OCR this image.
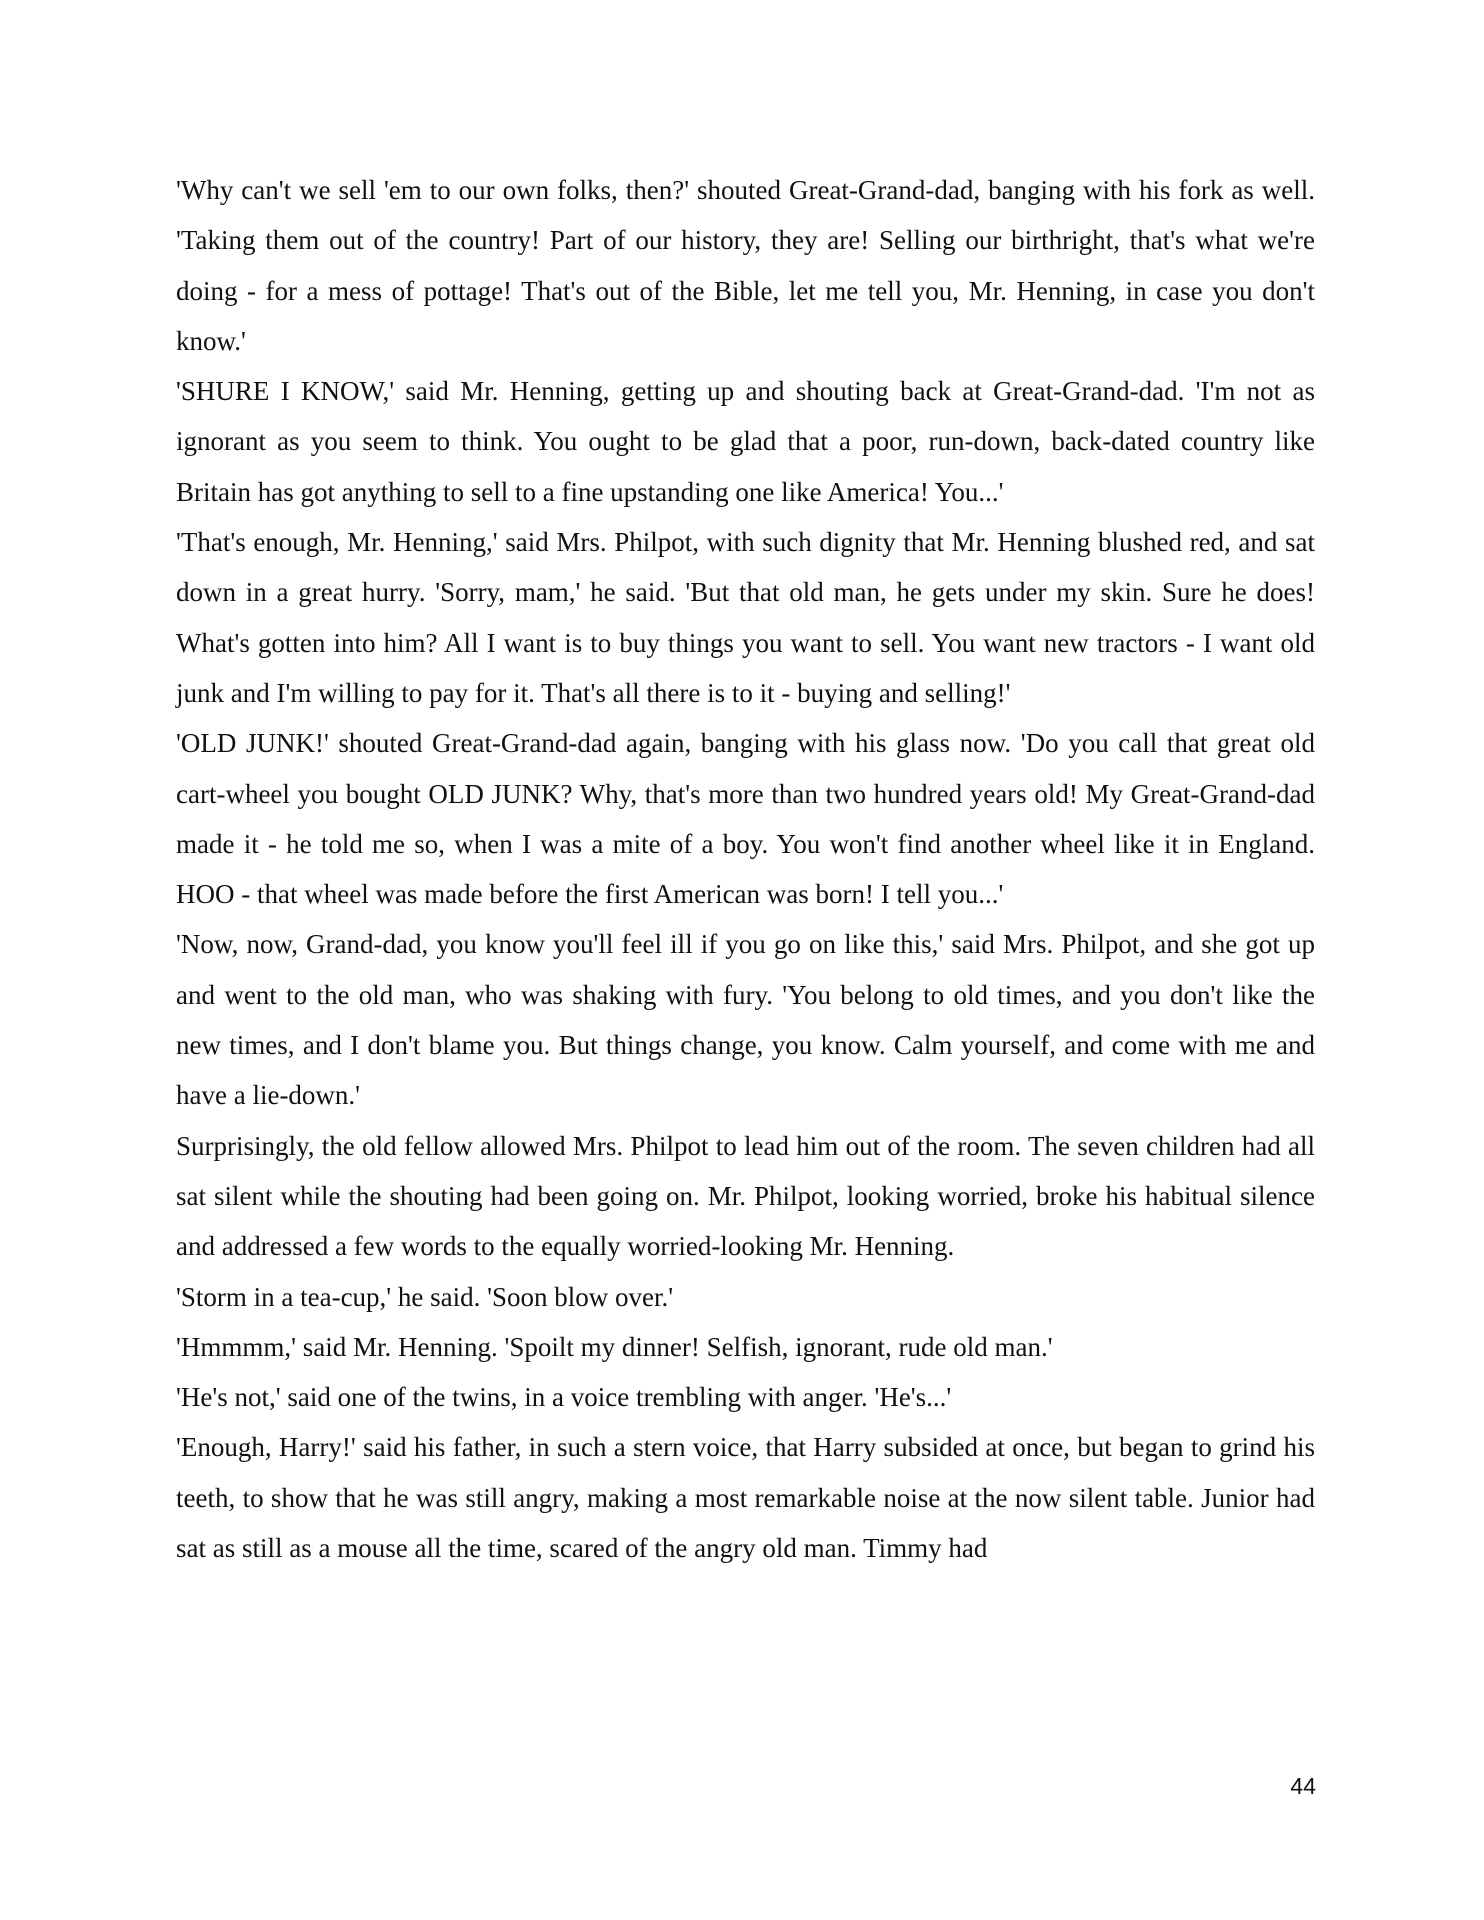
'Why can't we sell 'em to our own folks, then?' shouted Great-Grand-dad, banging with his fork as well. 'Taking them out of the country! Part of our history, they are! Selling our birthright, that's what we're doing - for a mess of pottage! That's out of the Bible, let me tell you, Mr. Henning, in case you don't know.'

'SHURE I KNOW,' said Mr. Henning, getting up and shouting back at Great-Grand-dad. 'I'm not as ignorant as you seem to think. You ought to be glad that a poor, run-down, back-dated country like Britain has got anything to sell to a fine upstanding one like America! You...'

'That's enough, Mr. Henning,' said Mrs. Philpot, with such dignity that Mr. Henning blushed red, and sat down in a great hurry. 'Sorry, mam,' he said. 'But that old man, he gets under my skin. Sure he does! What's gotten into him? All I want is to buy things you want to sell. You want new tractors - I want old junk and I'm willing to pay for it. That's all there is to it - buying and selling!'

'OLD JUNK!' shouted Great-Grand-dad again, banging with his glass now. 'Do you call that great old cart-wheel you bought OLD JUNK? Why, that's more than two hundred years old! My Great-Grand-dad made it - he told me so, when I was a mite of a boy. You won't find another wheel like it in England. HOO - that wheel was made before the first American was born! I tell you...'

'Now, now, Grand-dad, you know you'll feel ill if you go on like this,' said Mrs. Philpot, and she got up and went to the old man, who was shaking with fury. 'You belong to old times, and you don't like the new times, and I don't blame you. But things change, you know. Calm yourself, and come with me and have a lie-down.'

Surprisingly, the old fellow allowed Mrs. Philpot to lead him out of the room. The seven children had all sat silent while the shouting had been going on. Mr. Philpot, looking worried, broke his habitual silence and addressed a few words to the equally worried-looking Mr. Henning.

'Storm in a tea-cup,' he said. 'Soon blow over.'

'Hmmmm,' said Mr. Henning. 'Spoilt my dinner! Selfish, ignorant, rude old man.'

'He's not,' said one of the twins, in a voice trembling with anger. 'He's...'

'Enough, Harry!' said his father, in such a stern voice, that Harry subsided at once, but began to grind his teeth, to show that he was still angry, making a most remarkable noise at the now silent table. Junior had sat as still as a mouse all the time, scared of the angry old man. Timmy had

44
